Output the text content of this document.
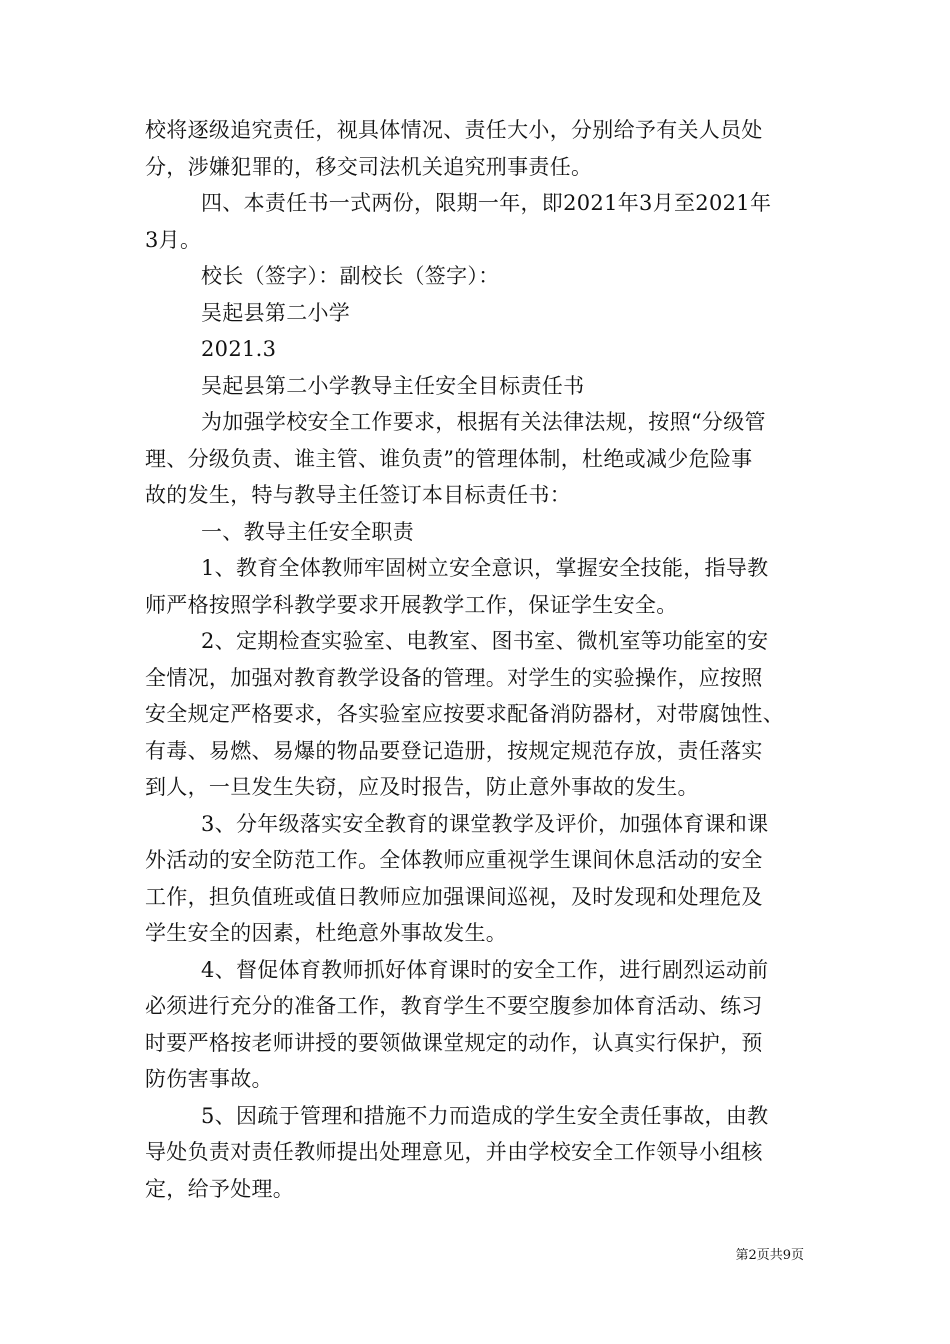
校将逐级追究责任，视具体情况、责任大小，分别给予有关人员处
分，涉嫌犯罪的，移交司法机关追究刑事责任。
四、本责任书一式两份，限期一年，即2021年3月至2021年
3月。
校长（签字）：副校长（签字）：
吴起县第二小学
2021.3
吴起县第二小学教导主任安全目标责任书
为加强学校安全工作要求，根据有关法律法规，按照“分级管
理、分级负责、谁主管、谁负责”的管理体制，杜绝或减少危险事
故的发生，特与教导主任签订本目标责任书：
一、教导主任安全职责
1、教育全体教师牢固树立安全意识，掌握安全技能，指导教
师严格按照学科教学要求开展教学工作，保证学生安全。
2、定期检查实验室、电教室、图书室、微机室等功能室的安
全情况，加强对教育教学设备的管理。对学生的实验操作，应按照
安全规定严格要求，各实验室应按要求配备消防器材，对带腐蚀性、
有毒、易燃、易爆的物品要登记造册，按规定规范存放，责任落实
到人，一旦发生失窃，应及时报告，防止意外事故的发生。
3、分年级落实安全教育的课堂教学及评价，加强体育课和课
外活动的安全防范工作。全体教师应重视学生课间休息活动的安全
工作，担负值班或值日教师应加强课间巡视，及时发现和处理危及
学生安全的因素，杜绝意外事故发生。
4、督促体育教师抓好体育课时的安全工作，进行剧烈运动前
必须进行充分的准备工作，教育学生不要空腹参加体育活动、练习
时要严格按老师讲授的要领做课堂规定的动作，认真实行保护，预
防伤害事故。
5、因疏于管理和措施不力而造成的学生安全责任事故，由教
导处负责对责任教师提出处理意见，并由学校安全工作领导小组核
定，给予处理。
第2页共9页
